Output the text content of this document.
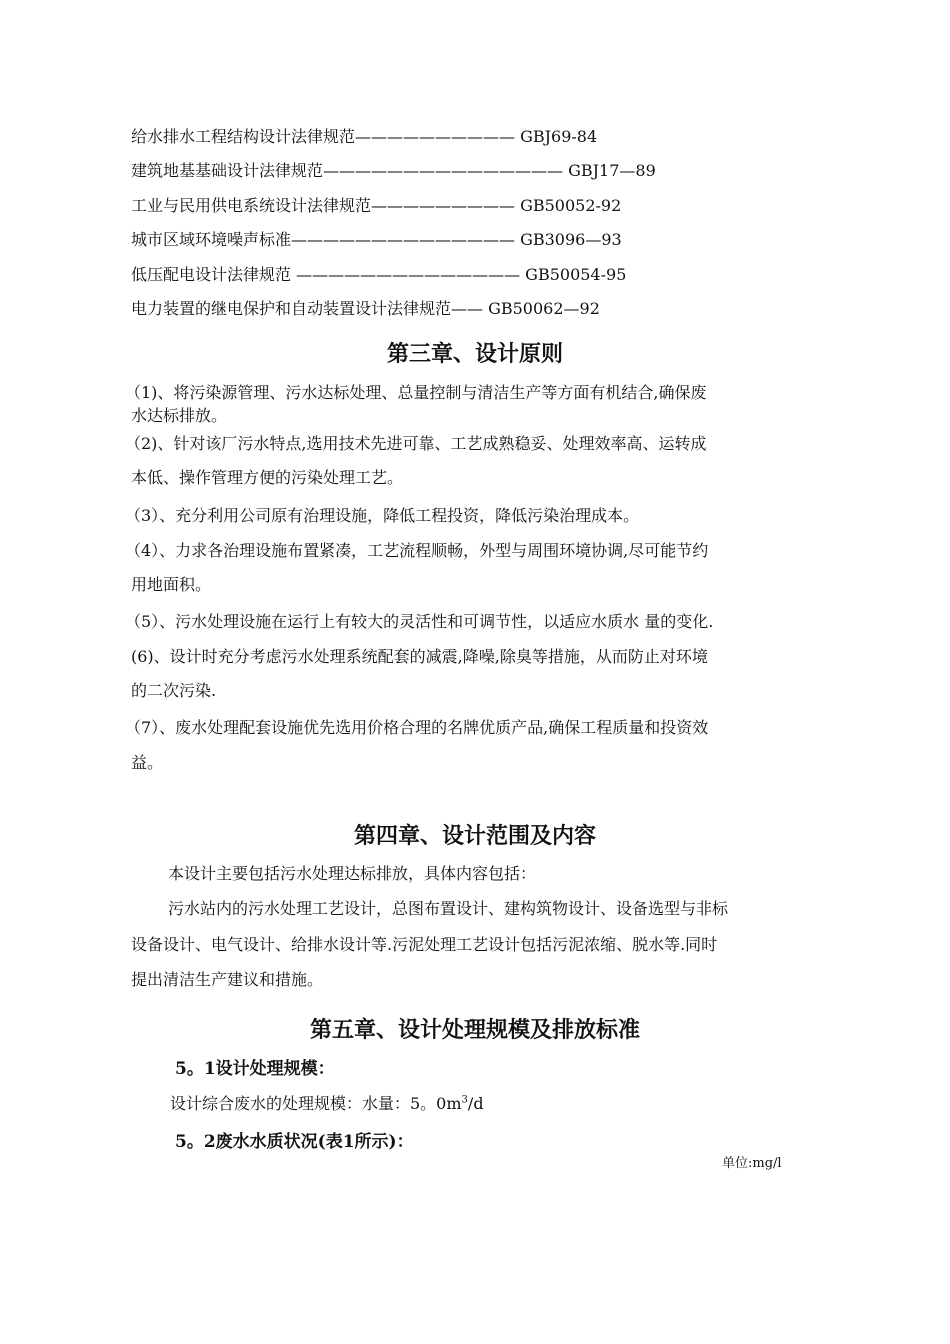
给水排水工程结构设计法律规范—————————— GBJ69-84
建筑地基基础设计法律规范——————————————— GBJ17—89
工业与民用供电系统设计法律规范————————— GB50052-92
城市区域环境噪声标准—————————————— GB3096—93
低压配电设计法律规范 —————————————— GB50054-95
电力装置的继电保护和自动装置设计法律规范—— GB50062—92
第三章、设计原则
（1)、将污染源管理、污水达标处理、总量控制与清洁生产等方面有机结合,确保废
水达标排放。
（2)、针对该厂污水特点,选用技术先进可靠、工艺成熟稳妥、处理效率高、运转成
本低、操作管理方便的污染处理工艺。
（3）、充分利用公司原有治理设施，降低工程投资，降低污染治理成本。
（4）、力求各治理设施布置紧凑，工艺流程顺畅，外型与周围环境协调,尽可能节约
用地面积。
（5）、污水处理设施在运行上有较大的灵活性和可调节性，以适应水质水 量的变化.
(6)、设计时充分考虑污水处理系统配套的减震,降噪,除臭等措施，从而防止对环境
的二次污染.
（7）、废水处理配套设施优先选用价格合理的名牌优质产品,确保工程质量和投资效
益。
第四章、设计范围及内容
本设计主要包括污水处理达标排放，具体内容包括：
污水站内的污水处理工艺设计，总图布置设计、建构筑物设计、设备选型与非标
设备设计、电气设计、给排水设计等.污泥处理工艺设计包括污泥浓缩、脱水等.同时
提出清洁生产建议和措施。
第五章、设计处理规模及排放标准
5。1设计处理规模：
设计综合废水的处理规模：水量：5。$0m^3/d$
5。2废水水质状况(表1所示)：
单位:mg/l
